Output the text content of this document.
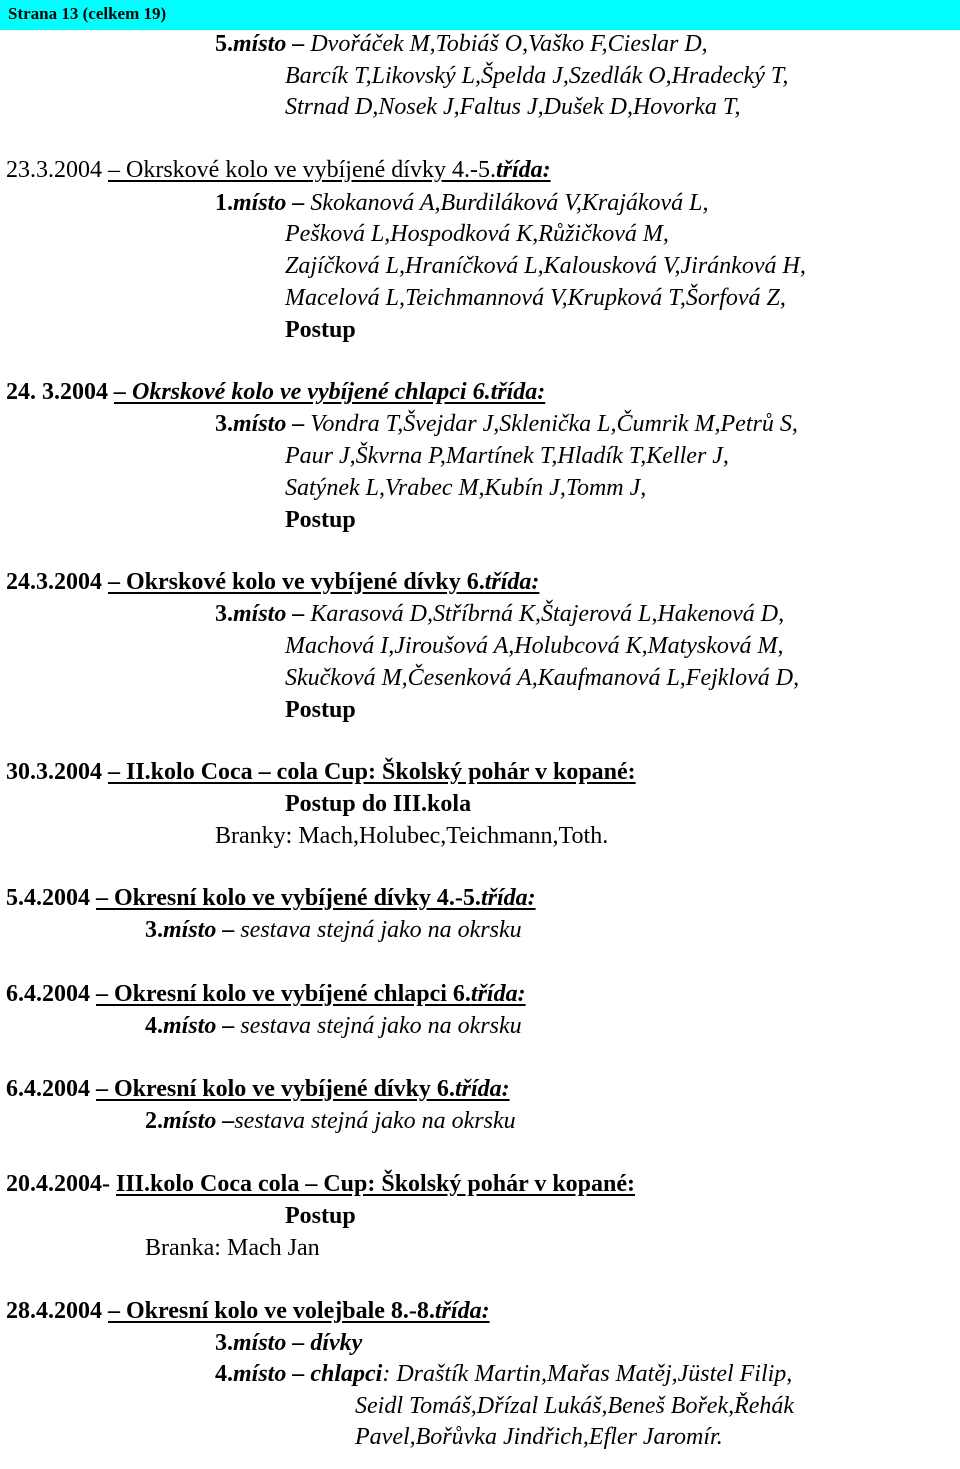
Strana 13 (celkem 19)
5.místo – Dvořáček M,Tobiáš O,Vaško F,Cieslar D,
Barcík T,Likovský L,Špelda J,Szedlák O,Hradecký T,
Strnad D,Nosek J,Faltus J,Dušek D,Hovorka T,
23.3.2004 – Okrskové kolo ve vybíjené dívky 4.-5.třída:
1.místo – Skokanová A,Burdiláková V,Krajáková L,
Pešková L,Hospodková K,Růžičková M,
Zajíčková L,Hraníčková L,Kalousková V,Jiránková H,
Macelová L,Teichmannová V,Krupková T,Šorfová Z,
Postup
24. 3.2004 – Okrskové kolo ve vybíjené chlapci 6.třída:
3.místo – Vondra T,Švejdar J,Sklenička L,Čumrik M,Petrů S,
Paur J,Škvrna P,Martínek T,Hladík T,Keller J,
Satýnek L,Vrabec M,Kubín J,Tomm J,
Postup
24.3.2004 – Okrskové kolo ve vybíjené dívky 6.třída:
3.místo – Karasová D,Stříbrná K,Štajerová L,Hakenová D,
Machová I,Jiroušová A,Holubcová K,Matysková M,
Skučková M,Česenková A,Kaufmanová L,Fejklová D,
Postup
30.3.2004 – II.kolo Coca – cola Cup: Školský pohár v kopané:
Postup do III.kola
Branky: Mach,Holubec,Teichmann,Toth.
5.4.2004 – Okresní kolo ve vybíjené dívky 4.-5.třída:
3.místo – sestava stejná jako na okrsku
6.4.2004 – Okresní kolo ve vybíjené chlapci 6.třída:
4.místo – sestava stejná jako na okrsku
6.4.2004 – Okresní kolo ve vybíjené dívky 6.třída:
2.místo –sestava stejná jako na okrsku
20.4.2004- III.kolo Coca cola – Cup: Školský pohár v kopané:
Postup
Branka: Mach Jan
28.4.2004 – Okresní kolo ve volejbale 8.-8.třída:
3.místo – dívky
4.místo – chlapci: Draštík Martin,Mařas Matěj,Jüstel Filip,
Seidl Tomáš,Dřízal Lukáš,Beneš Bořek,Řehák
Pavel,Bořůvka Jindřich,Efler Jaromír.
